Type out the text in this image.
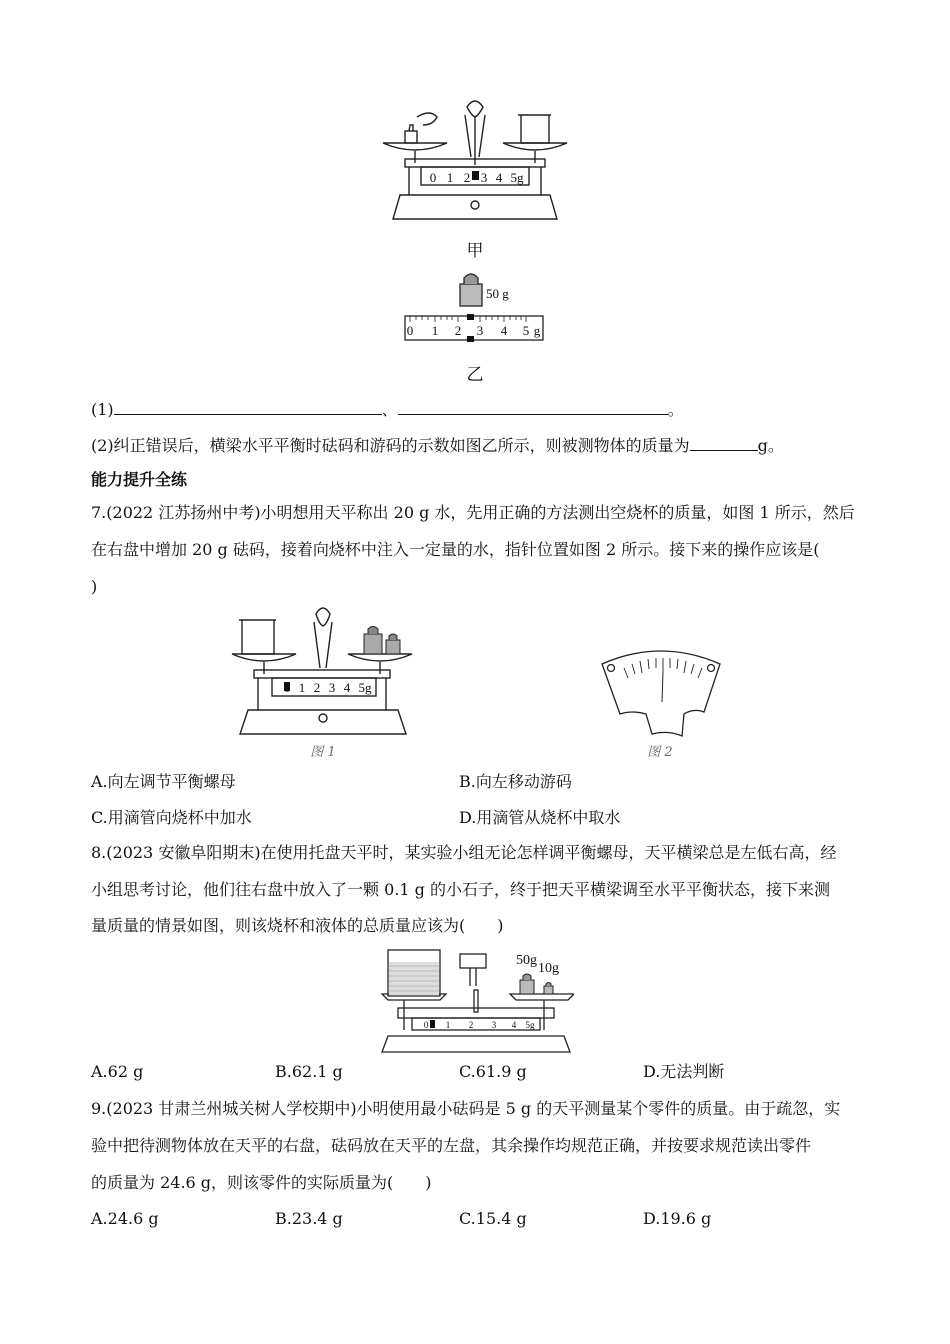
0 1 2 3 4 5g
甲
50 g
0 1 2 3 4 5 g
乙
(1)	、	。
(2)纠正错误后，横梁水平平衡时砝码和游码的示数如图乙所示，则被测物体的质量为	g。
能力提升全练
7.(2022 江苏扬州中考)小明想用天平称出 20 g 水，先用正确的方法测出空烧杯的质量，如图 1 所示，然后
在右盘中增加 20 g 砝码，接着向烧杯中注入一定量的水，指针位置如图 2 所示。接下来的操作应该是(
)
0 1 2 3 4 5g
图 1	图 2
A.向左调节平衡螺母	B.向左移动游码
C.用滴管向烧杯中加水	D.用滴管从烧杯中取水
8.(2023 安徽阜阳期末)在使用托盘天平时，某实验小组无论怎样调平衡螺母，天平横梁总是左低右高，经
小组思考讨论，他们往右盘中放入了一颗 0.1 g 的小石子，终于把天平横梁调至水平平衡状态，接下来测
量质量的情景如图，则该烧杯和液体的总质量应该为(　　)
50g
10g
0 1 2 3 4 5g
A.62 g	B.62.1 g	C.61.9 g	D.无法判断
9.(2023 甘肃兰州城关树人学校期中)小明使用最小砝码是 5 g 的天平测量某个零件的质量。由于疏忽，实
验中把待测物体放在天平的右盘，砝码放在天平的左盘，其余操作均规范正确，并按要求规范读出零件
的质量为 24.6 g，则该零件的实际质量为(　　)
A.24.6 g	B.23.4 g	C.15.4 g	D.19.6 g
